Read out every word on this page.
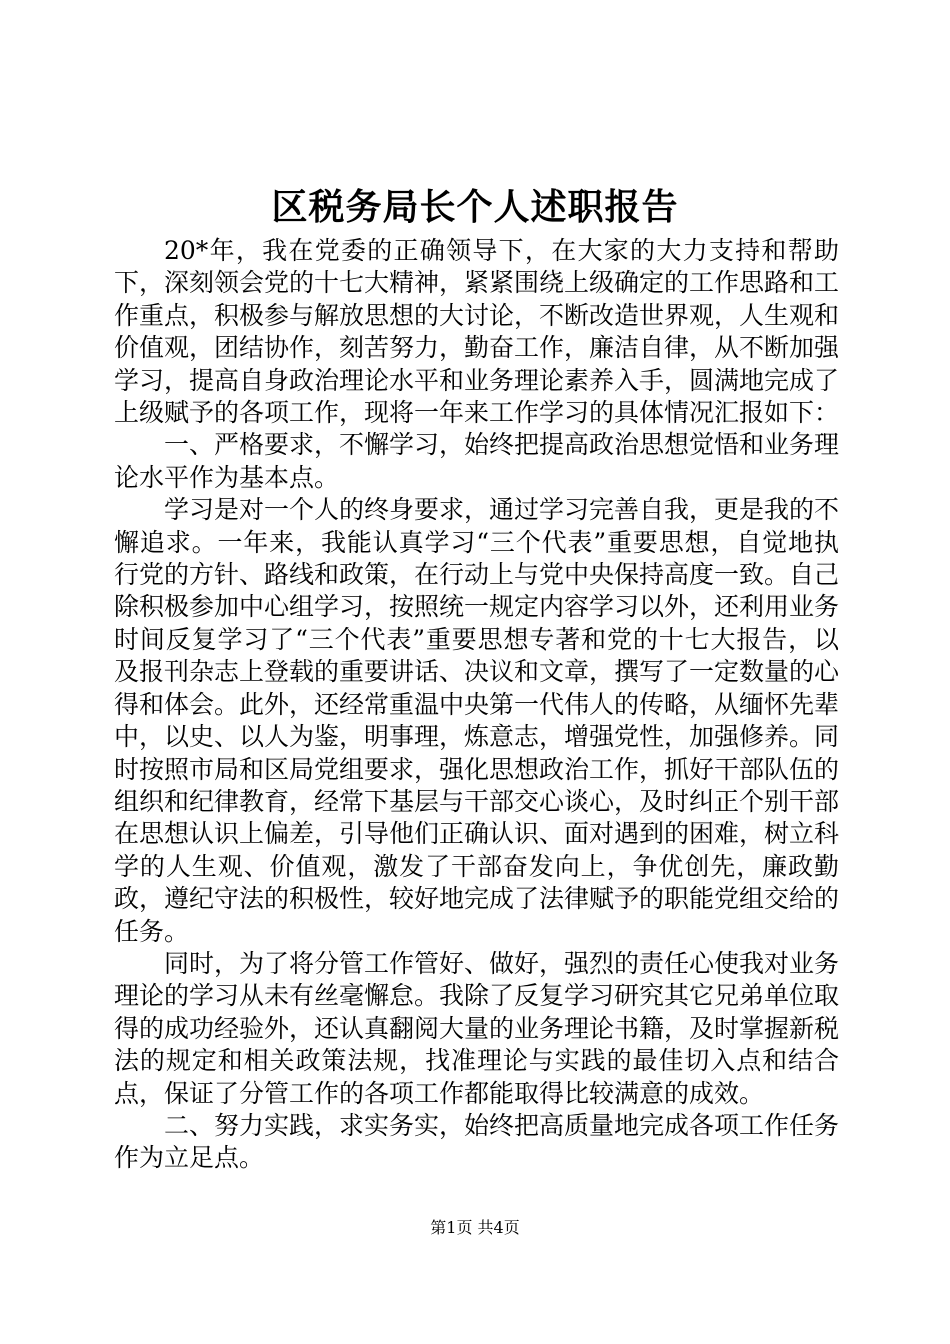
区税务局长个人述职报告

20*年，我在党委的正确领导下，在大家的大力支持和帮助下，深刻领会党的十七大精神，紧紧围绕上级确定的工作思路和工作重点，积极参与解放思想的大讨论，不断改造世界观，人生观和价值观，团结协作，刻苦努力，勤奋工作，廉洁自律，从不断加强学习，提高自身政治理论水平和业务理论素养入手，圆满地完成了上级赋予的各项工作，现将一年来工作学习的具体情况汇报如下：

一、严格要求，不懈学习，始终把提高政治思想觉悟和业务理论水平作为基本点。

学习是对一个人的终身要求，通过学习完善自我，更是我的不懈追求。一年来，我能认真学习“三个代表”重要思想，自觉地执行党的方针、路线和政策，在行动上与党中央保持高度一致。自己除积极参加中心组学习，按照统一规定内容学习以外，还利用业务时间反复学习了“三个代表”重要思想专著和党的十七大报告，以及报刊杂志上登载的重要讲话、决议和文章，撰写了一定数量的心得和体会。此外，还经常重温中央第一代伟人的传略，从缅怀先辈中，以史、以人为鉴，明事理，炼意志，增强党性，加强修养。同时按照市局和区局党组要求，强化思想政治工作，抓好干部队伍的组织和纪律教育，经常下基层与干部交心谈心，及时纠正个别干部在思想认识上偏差，引导他们正确认识、面对遇到的困难，树立科学的人生观、价值观，激发了干部奋发向上，争优创先，廉政勤政，遵纪守法的积极性，较好地完成了法律赋予的职能党组交给的任务。

同时，为了将分管工作管好、做好，强烈的责任心使我对业务理论的学习从未有丝毫懈怠。我除了反复学习研究其它兄弟单位取得的成功经验外，还认真翻阅大量的业务理论书籍，及时掌握新税法的规定和相关政策法规，找准理论与实践的最佳切入点和结合点，保证了分管工作的各项工作都能取得比较满意的成效。

二、努力实践，求实务实，始终把高质量地完成各项工作任务作为立足点。

第1页 共4页
